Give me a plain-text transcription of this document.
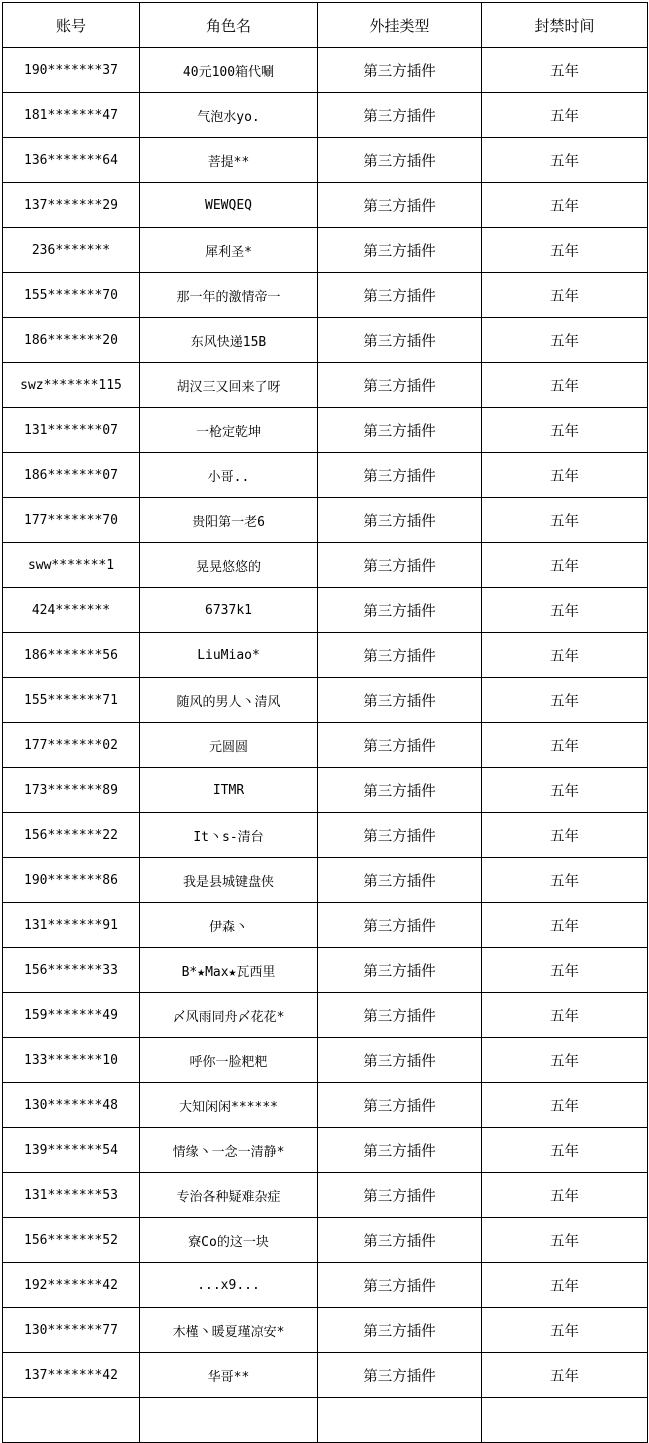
账号	角色名	外挂类型	封禁时间
190*******37	40元100箱代唰	第三方插件	五年
181*******47	气泡水yo.	第三方插件	五年
136*******64	菩提**	第三方插件	五年
137*******29	WEWQEQ	第三方插件	五年
236*******	犀利圣*	第三方插件	五年
155*******70	那一年的激情帝一	第三方插件	五年
186*******20	东风快递15B	第三方插件	五年
swz*******115	胡汉三又回来了呀	第三方插件	五年
131*******07	一枪定乾坤	第三方插件	五年
186*******07	小哥..	第三方插件	五年
177*******70	贵阳第一老6	第三方插件	五年
sww*******1	晃晃悠悠的	第三方插件	五年
424*******	6737k1	第三方插件	五年
186*******56	LiuMiao*	第三方插件	五年
155*******71	随风的男人丶清风	第三方插件	五年
177*******02	元圆圆	第三方插件	五年
173*******89	ITMR	第三方插件	五年
156*******22	It丶s-清台	第三方插件	五年
190*******86	我是县城键盘侠	第三方插件	五年
131*******91	伊森丶	第三方插件	五年
156*******33	B*★Max★瓦西里	第三方插件	五年
159*******49	〆风雨同舟〆花花*	第三方插件	五年
133*******10	呼你一脸粑粑	第三方插件	五年
130*******48	大知闲闲******	第三方插件	五年
139*******54	情缘丶一念一清静*	第三方插件	五年
131*******53	专治各种疑难杂症	第三方插件	五年
156*******52	寮Co的这一块	第三方插件	五年
192*******42	...x9...	第三方插件	五年
130*******77	木槿丶暖夏瑾凉安*	第三方插件	五年
137*******42	华哥**	第三方插件	五年
